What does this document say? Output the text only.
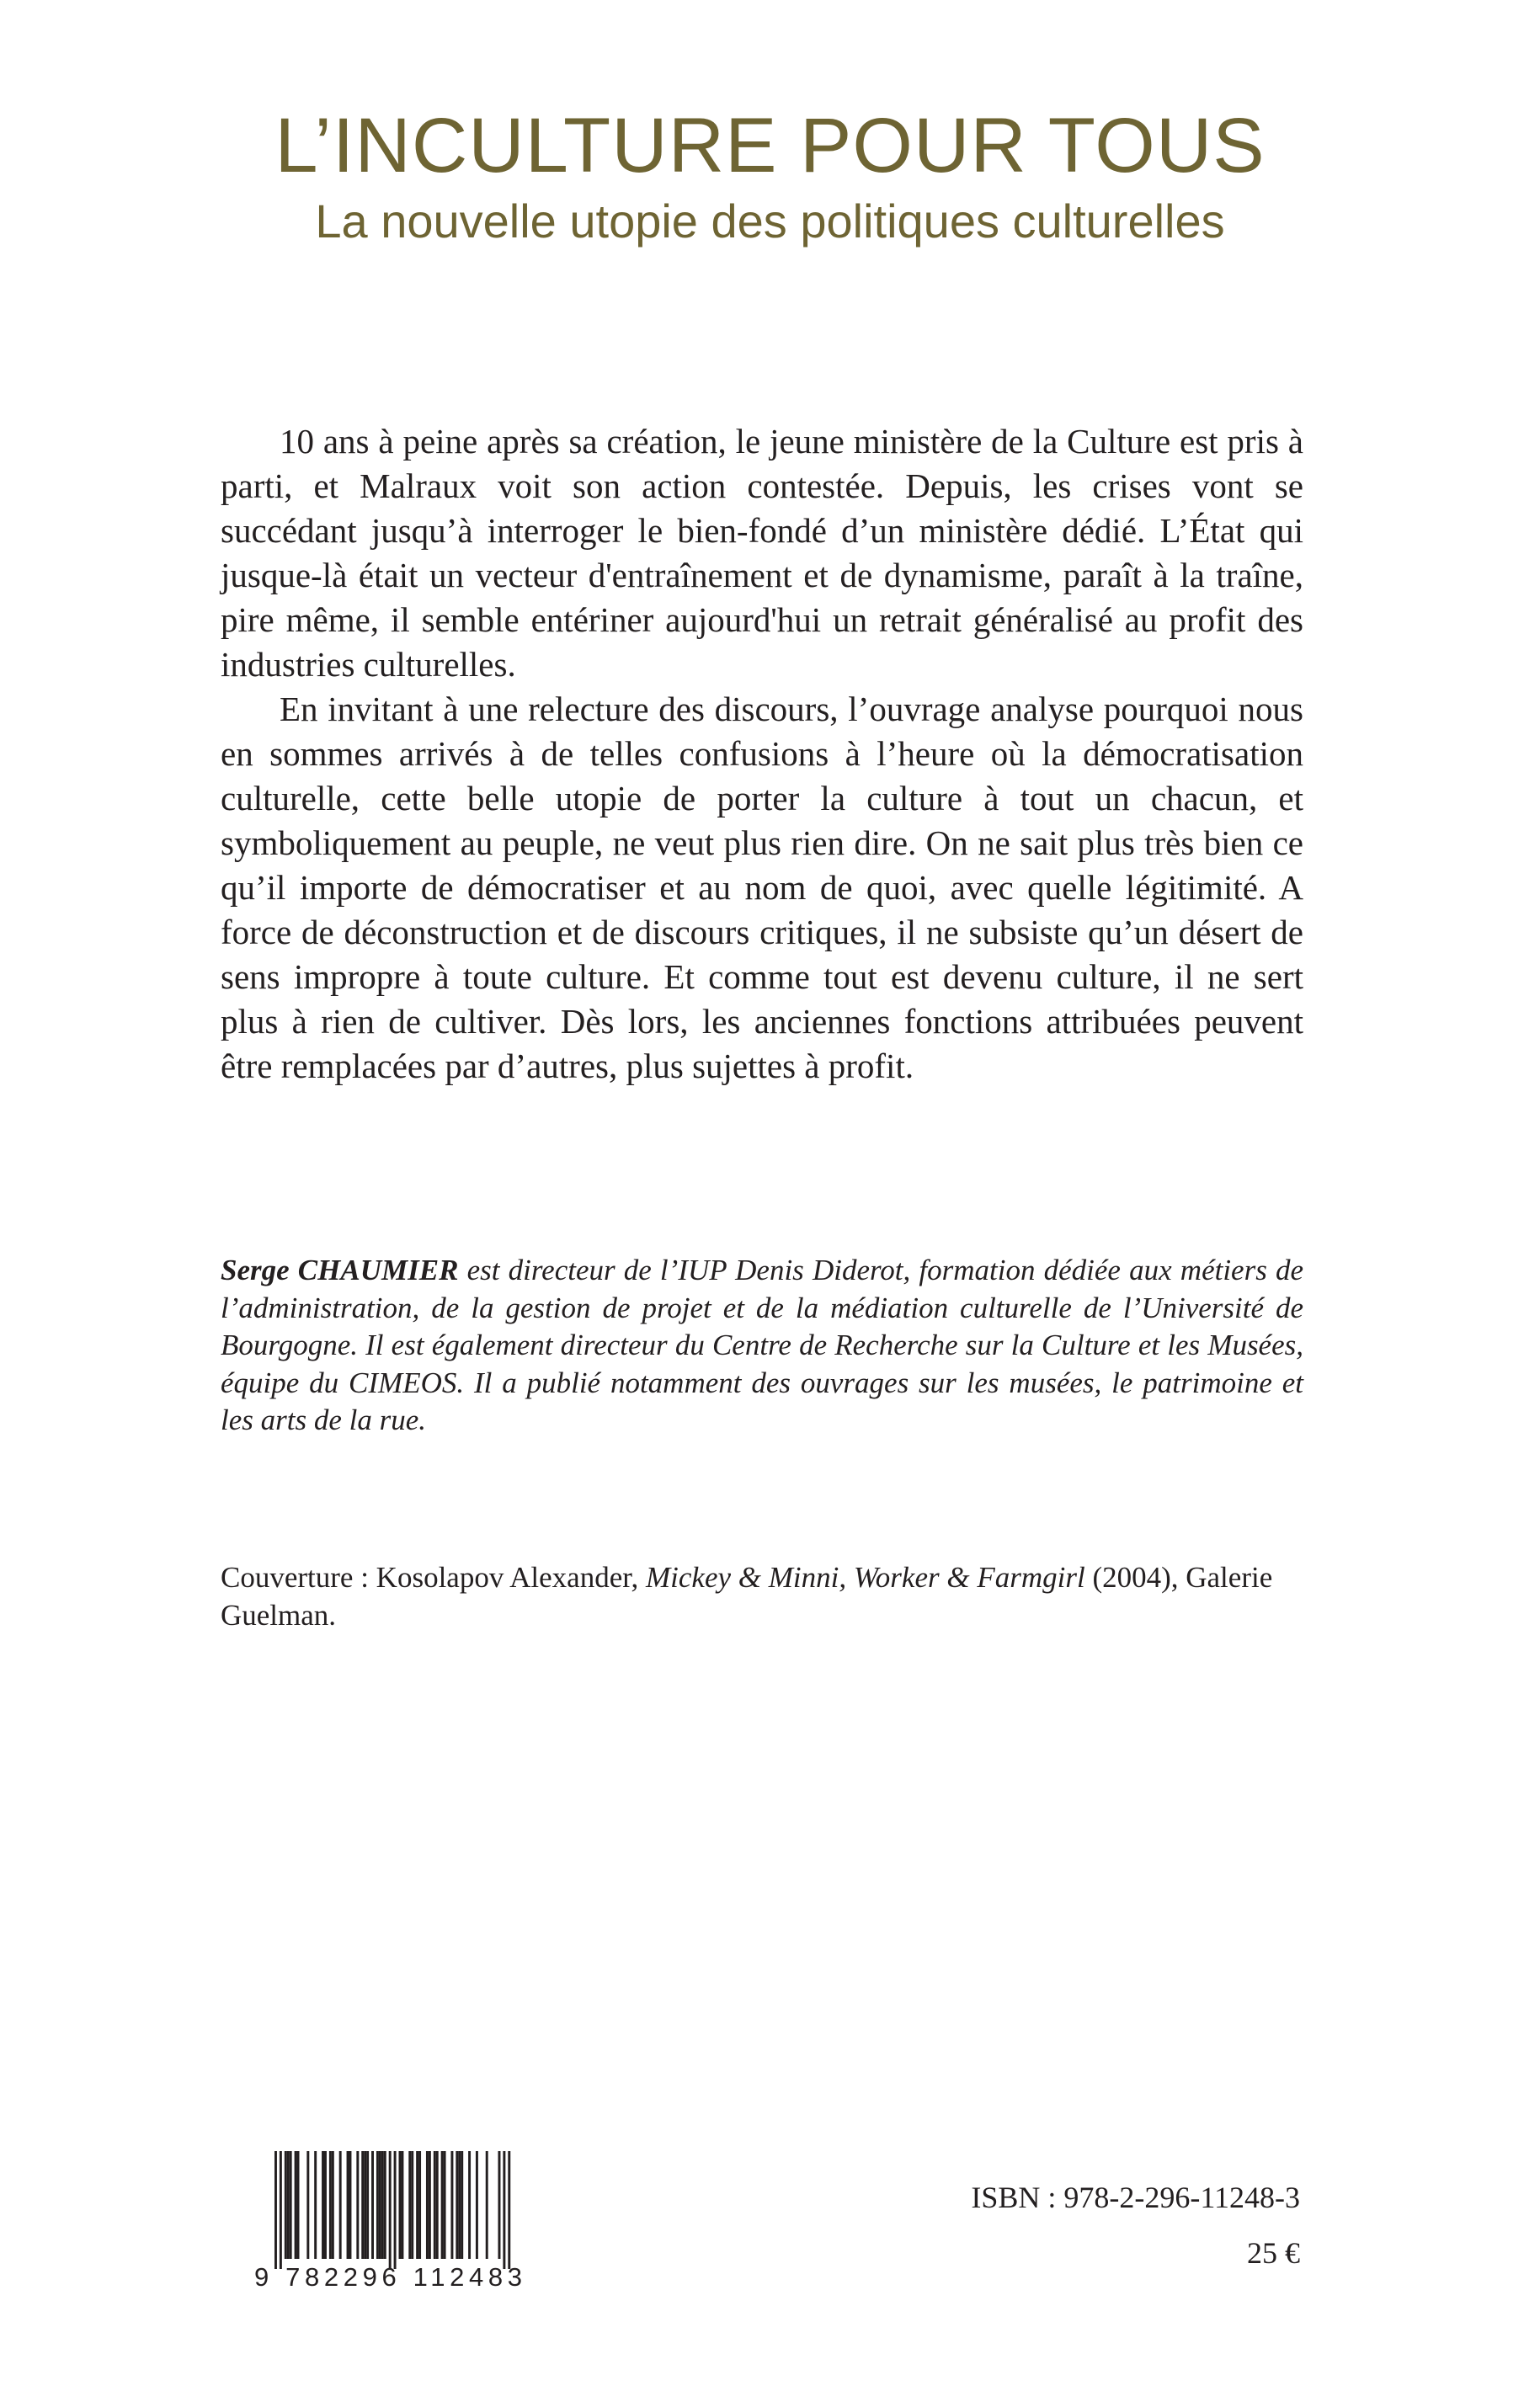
L’INCULTURE POUR TOUS
La nouvelle utopie des politiques culturelles

10 ans à peine après sa création, le jeune ministère de la Culture est pris à parti, et Malraux voit son action contestée. Depuis, les crises vont se succédant jusqu’à interroger le bien-fondé d’un ministère dédié. L’État qui jusque-là était un vecteur d'entraînement et de dynamisme, paraît à la traîne, pire même, il semble entériner aujourd'hui un retrait généralisé au profit des industries culturelles.

En invitant à une relecture des discours, l’ouvrage analyse pourquoi nous en sommes arrivés à de telles confusions à l’heure où la démocratisation culturelle, cette belle utopie de porter la culture à tout un chacun, et symboliquement au peuple, ne veut plus rien dire. On ne sait plus très bien ce qu’il importe de démocratiser et au nom de quoi, avec quelle légitimité. A force de déconstruction et de discours critiques, il ne subsiste qu’un désert de sens impropre à toute culture. Et comme tout est devenu culture, il ne sert plus à rien de cultiver. Dès lors, les anciennes fonctions attribuées peuvent être remplacées par d’autres, plus sujettes à profit.

Serge CHAUMIER est directeur de l’IUP Denis Diderot, formation dédiée aux métiers de l’administration, de la gestion de projet et de la médiation culturelle de l’Université de Bourgogne. Il est également directeur du Centre de Recherche sur la Culture et les Musées, équipe du CIMEOS. Il a publié notamment des ouvrages sur les musées, le patrimoine et les arts de la rue.

Couverture : Kosolapov Alexander, Mickey & Minni, Worker & Farmgirl (2004), Galerie Guelman.

9 782296 112483

ISBN : 978-2-296-11248-3

25 €
